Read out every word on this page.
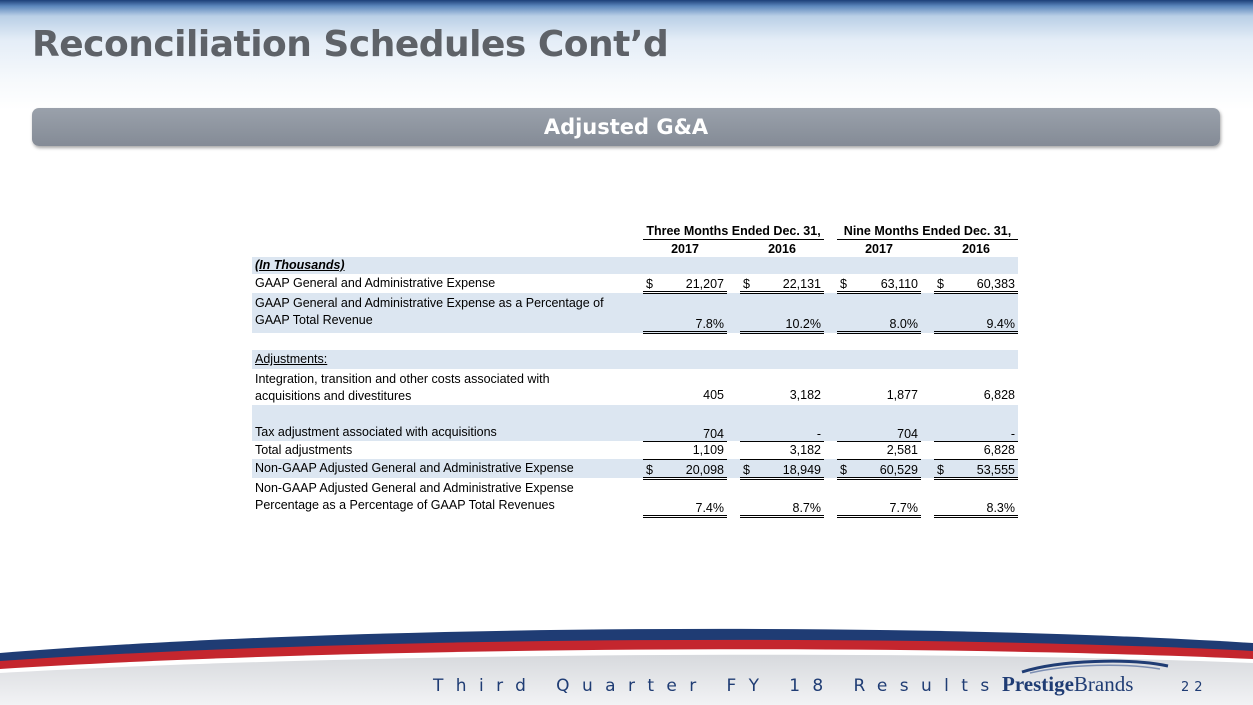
Reconciliation Schedules Cont’d
Adjusted G&A
		Three Months Ended Dec. 31,				Nine Months Ended Dec. 31,		
		2017		2016		2017		2016
(In Thousands)								
GAAP General and Administrative Expense		$ 21,207		$ 22,131		$ 63,110		$ 60,383

GAAP General and Administrative Expense as a Percentage of
GAAP Total Revenue		7.8%		10.2%		8.0%		9.4%

Adjustments:								
Integration, transition and other costs associated with
acquisitions and divestitures		405		3,182		1,877		6,828
Tax adjustment associated with acquisitions		704		-		704		-
Total adjustments		1,109		3,182		2,581		6,828
Non-GAAP Adjusted General and Administrative Expense		$ 20,098		$ 18,949		$ 60,529		$ 53,555

Non-GAAP Adjusted General and Administrative Expense
Percentage as a Percentage of GAAP Total Revenues		7.4%		8.7%		7.7%		8.3%
Third Quarter FY 18 Results PrestigeBrands	22
